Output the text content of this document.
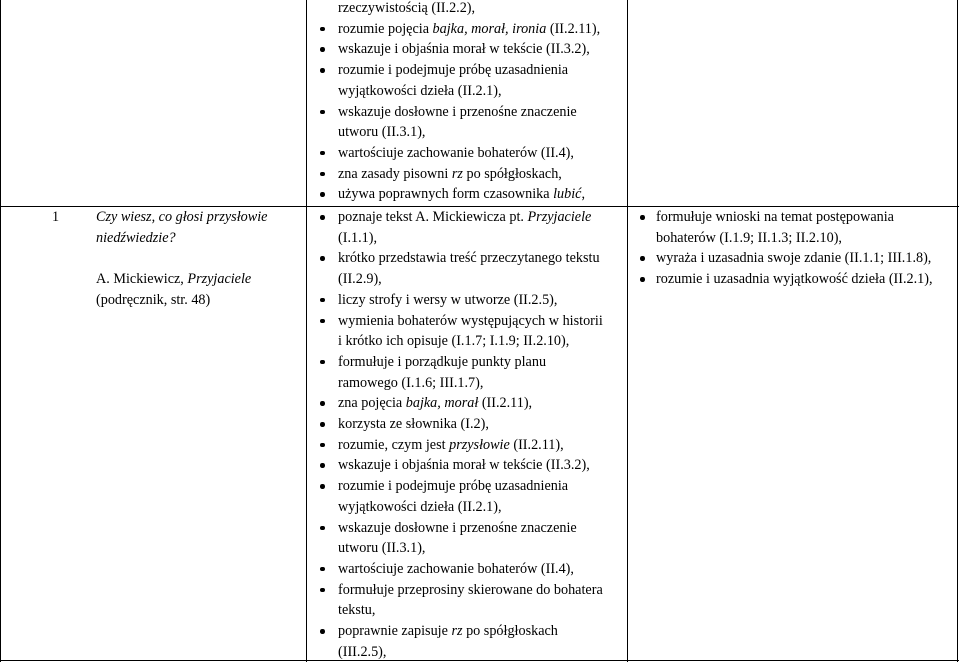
rzeczywistością (II.2.2),
rozumie pojęcia bajka, morał, ironia (II.2.11),
wskazuje i objaśnia morał w tekście (II.3.2),
rozumie i podejmuje próbę uzasadnienia
wyjątkowości dzieła (II.2.1),
wskazuje dosłowne i przenośne znaczenie
utworu (II.3.1),
wartościuje zachowanie bohaterów (II.4),
zna zasady pisowni rz po spółgłoskach,
używa poprawnych form czasownika lubić,
poznaje tekst A. Mickiewicza pt. Przyjaciele
(I.1.1),
krótko przedstawia treść przeczytanego tekstu
(II.2.9),
liczy strofy i wersy w utworze (II.2.5),
wymienia bohaterów występujących w historii
i krótko ich opisuje (I.1.7; I.1.9; II.2.10),
formułuje i porządkuje punkty planu
ramowego (I.1.6; III.1.7),
zna pojęcia bajka, morał (II.2.11),
korzysta ze słownika (I.2),
rozumie, czym jest przysłowie (II.2.11),
wskazuje i objaśnia morał w tekście (II.3.2),
rozumie i podejmuje próbę uzasadnienia
wyjątkowości dzieła (II.2.1),
wskazuje dosłowne i przenośne znaczenie
utworu (II.3.1),
wartościuje zachowanie bohaterów (II.4),
formułuje przeprosiny skierowane do bohatera
tekstu,
poprawnie zapisuje rz po spółgłoskach
(III.2.5),
formułuje wnioski na temat postępowania
bohaterów (I.1.9; II.1.3; II.2.10),
wyraża i uzasadnia swoje zdanie (II.1.1; III.1.8),
rozumie i uzasadnia wyjątkowość dzieła (II.2.1),
1	Czy wiesz, co głosi przysłowie
niedźwiedzie?
A. Mickiewicz, Przyjaciele
(podręcznik, str. 48)
